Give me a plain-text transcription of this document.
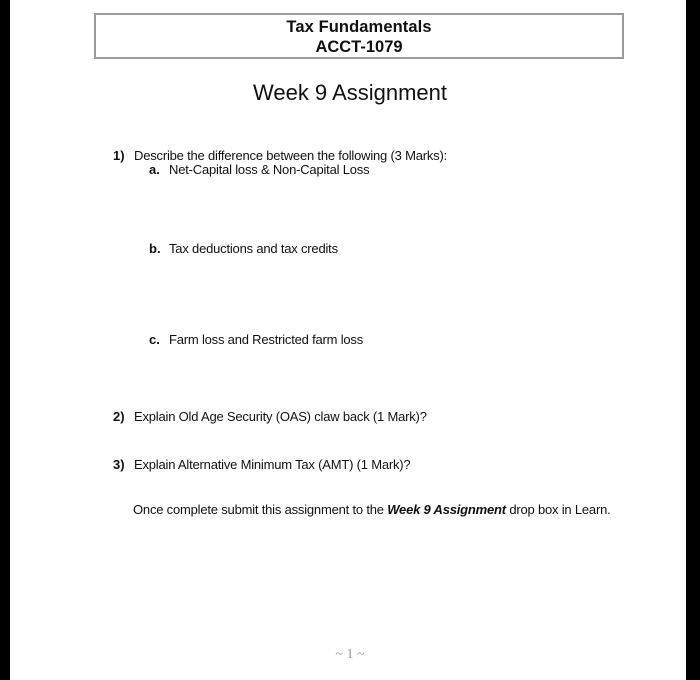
Tax Fundamentals
ACCT-1079
Week 9 Assignment
1) Describe the difference between the following (3 Marks):
a. Net-Capital loss & Non-Capital Loss
b. Tax deductions and tax credits
c. Farm loss and Restricted farm loss
2) Explain Old Age Security (OAS) claw back (1 Mark)?
3) Explain Alternative Minimum Tax (AMT) (1 Mark)?
Once complete submit this assignment to the Week 9 Assignment drop box in Learn.
~ 1 ~
